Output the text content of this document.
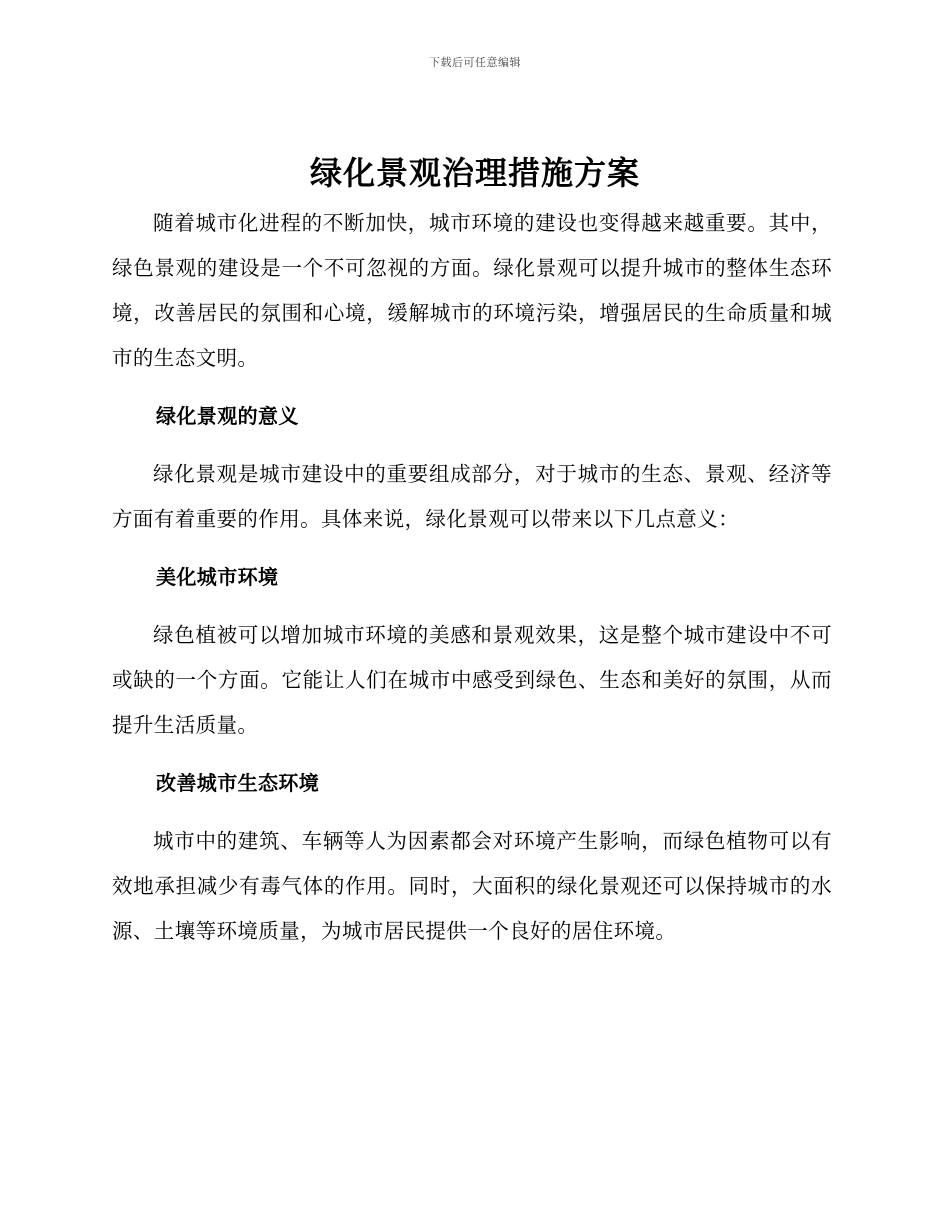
下载后可任意编辑
绿化景观治理措施方案

随着城市化进程的不断加快，城市环境的建设也变得越来越重要。其中，绿色景观的建设是一个不可忽视的方面。绿化景观可以提升城市的整体生态环境，改善居民的氛围和心境，缓解城市的环境污染，增强居民的生命质量和城市的生态文明。

绿化景观的意义

绿化景观是城市建设中的重要组成部分，对于城市的生态、景观、经济等方面有着重要的作用。具体来说，绿化景观可以带来以下几点意义：

美化城市环境

绿色植被可以增加城市环境的美感和景观效果，这是整个城市建设中不可或缺的一个方面。它能让人们在城市中感受到绿色、生态和美好的氛围，从而提升生活质量。

改善城市生态环境

城市中的建筑、车辆等人为因素都会对环境产生影响，而绿色植物可以有效地承担减少有毒气体的作用。同时，大面积的绿化景观还可以保持城市的水源、土壤等环境质量，为城市居民提供一个良好的居住环境。
